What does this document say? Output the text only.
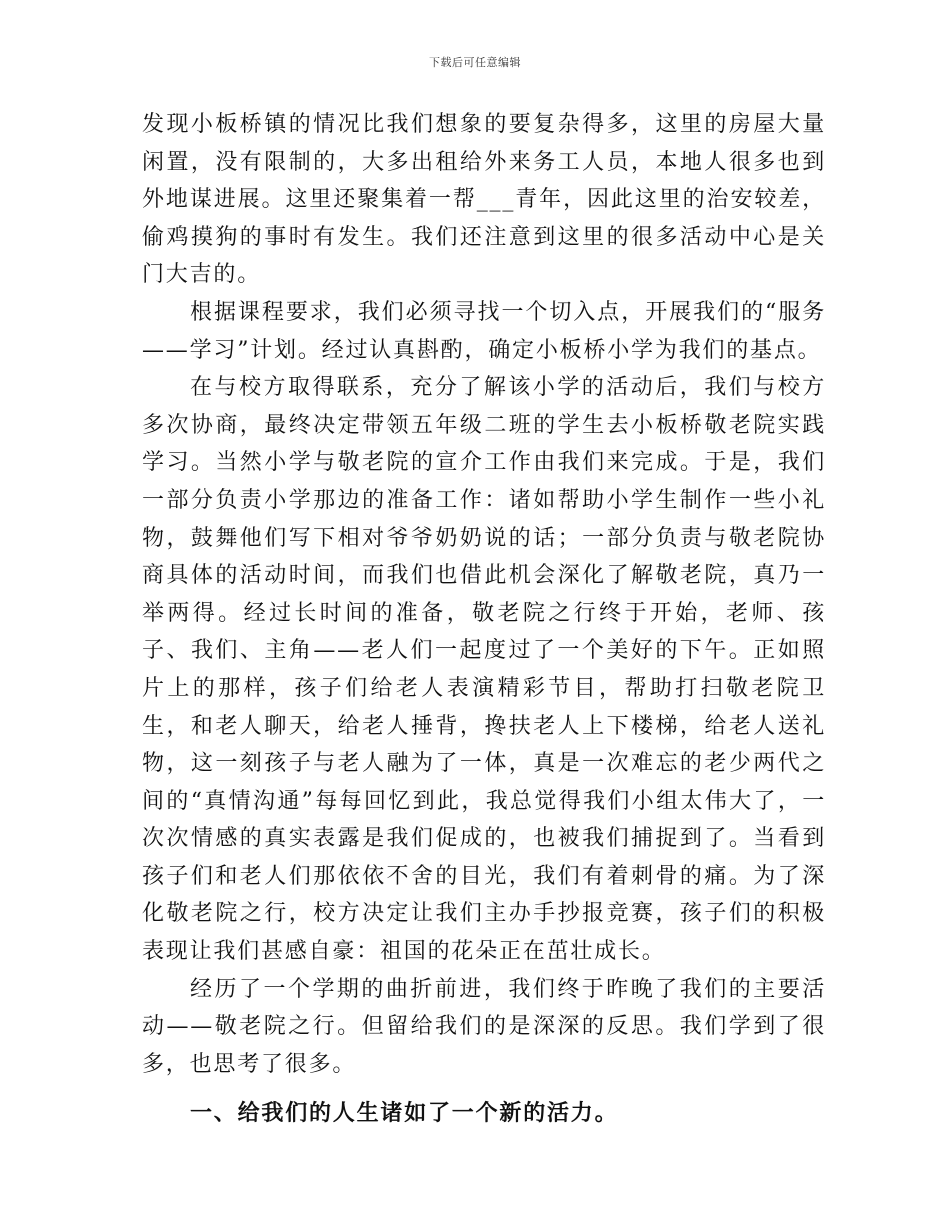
下载后可任意编辑

发现小板桥镇的情况比我们想象的要复杂得多，这里的房屋大量闲置，没有限制的，大多出租给外来务工人员，本地人很多也到外地谋进展。这里还聚集着一帮___青年，因此这里的治安较差，偷鸡摸狗的事时有发生。我们还注意到这里的很多活动中心是关门大吉的。

根据课程要求，我们必须寻找一个切入点，开展我们的“服务——学习”计划。经过认真斟酌，确定小板桥小学为我们的基点。

在与校方取得联系，充分了解该小学的活动后，我们与校方多次协商，最终决定带领五年级二班的学生去小板桥敬老院实践学习。当然小学与敬老院的宣介工作由我们来完成。于是，我们一部分负责小学那边的准备工作：诸如帮助小学生制作一些小礼物，鼓舞他们写下相对爷爷奶奶说的话；一部分负责与敬老院协商具体的活动时间，而我们也借此机会深化了解敬老院，真乃一举两得。经过长时间的准备，敬老院之行终于开始，老师、孩子、我们、主角——老人们一起度过了一个美好的下午。正如照片上的那样，孩子们给老人表演精彩节目，帮助打扫敬老院卫生，和老人聊天，给老人捶背，搀扶老人上下楼梯，给老人送礼物，这一刻孩子与老人融为了一体，真是一次难忘的老少两代之间的“真情沟通”每每回忆到此，我总觉得我们小组太伟大了，一次次情感的真实表露是我们促成的，也被我们捕捉到了。当看到孩子们和老人们那依依不舍的目光，我们有着刺骨的痛。为了深化敬老院之行，校方决定让我们主办手抄报竞赛，孩子们的积极表现让我们甚感自豪：祖国的花朵正在茁壮成长。

经历了一个学期的曲折前进，我们终于昨晚了我们的主要活动——敬老院之行。但留给我们的是深深的反思。我们学到了很多，也思考了很多。

一、给我们的人生诸如了一个新的活力。
